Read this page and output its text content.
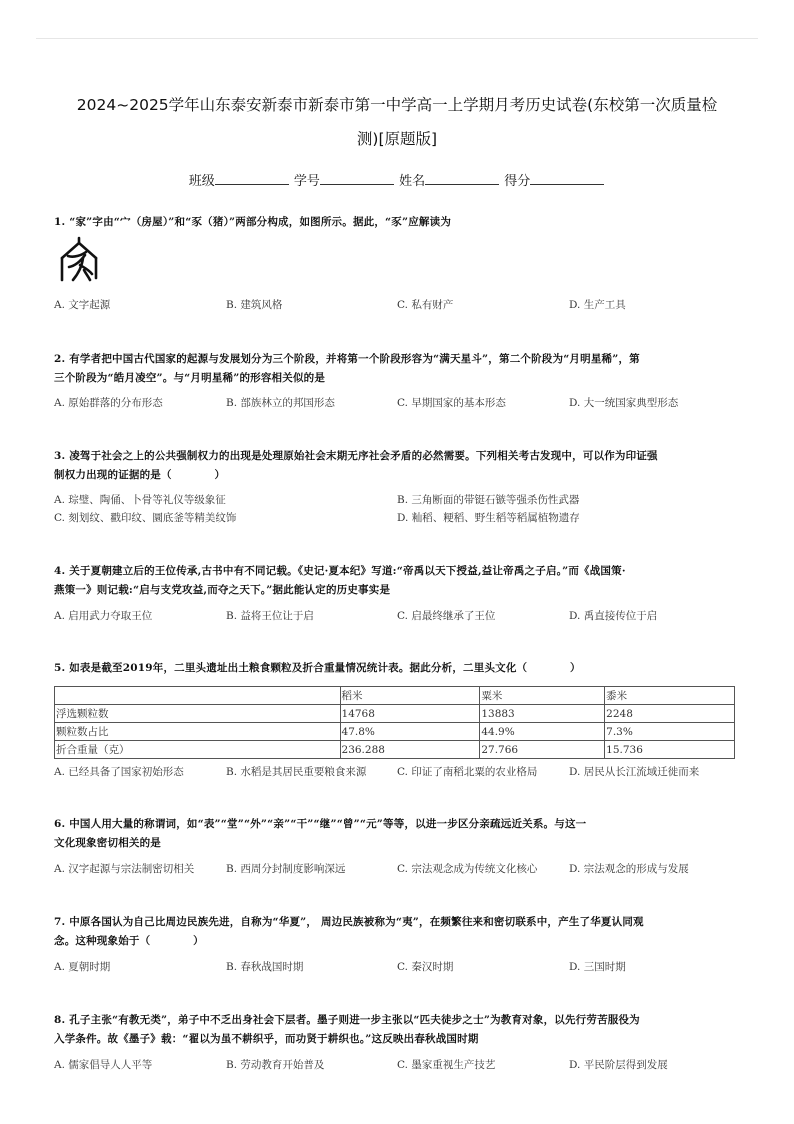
2024~2025学年山东泰安新泰市新泰市第一中学高一上学期月考历史试卷(东校第一次质量检
测)[原题版]
班级	学号	姓名	得分
1. “家”字由“宀（房屋）”和“豕（猪）”两部分构成，如图所示。据此，“豕”应解读为
A. 文字起源	B. 建筑风格	C. 私有财产	D. 生产工具
2. 有学者把中国古代国家的起源与发展划分为三个阶段，并将第一个阶段形容为“满天星斗”，第二个阶段为“月明星稀”，第
三个阶段为“皓月凌空”。与“月明星稀”的形容相关似的是
A. 原始群落的分布形态	B. 部族林立的邦国形态	C. 早期国家的基本形态	D. 大一统国家典型形态
3. 凌驾于社会之上的公共强制权力的出现是处理原始社会末期无序社会矛盾的必然需要。下列相关考古发现中，可以作为印证强
制权力出现的证据的是（　　　　）
A. 琮璧、陶俑、卜骨等礼仪等级象征	B. 三角断面的带铤石镞等强杀伤性武器
C. 刻划纹、戳印纹、圜底釜等精美纹饰	D. 籼稻、粳稻、野生稻等稻属植物遗存
4. 关于夏朝建立后的王位传承,古书中有不同记载。《史记·夏本纪》写道:“帝禹以天下授益,益让帝禹之子启。”而《战国策·
燕策一》则记载:“启与支党攻益,而夺之天下。”据此能认定的历史事实是
A. 启用武力夺取王位	B. 益将王位让于启	C. 启最终继承了王位	D. 禹直接传位于启
5. 如表是截至2019年，二里头遗址出土粮食颗粒及折合重量情况统计表。据此分析，二里头文化（　　　　）
	稻米	粟米	黍米
浮选颗粒数	14768	13883	2248
颗粒数占比	47.8%	44.9%	7.3%
折合重量（克）	236.288	27.766	15.736
A. 已经具备了国家初始形态	B. 水稻是其居民重要粮食来源	C. 印证了南稻北粟的农业格局	D. 居民从长江流域迁徙而来
6. 中国人用大量的称谓词，如“表”“堂”“外”“亲”“干”“继”“曾”“元”等等，以进一步区分亲疏远近关系。与这一
文化现象密切相关的是
A. 汉字起源与宗法制密切相关	B. 西周分封制度影响深远	C. 宗法观念成为传统文化核心	D. 宗法观念的形成与发展
7. 中原各国认为自己比周边民族先进，自称为“华夏”， 周边民族被称为“夷”，在频繁往来和密切联系中，产生了华夏认同观
念。这种现象始于（　　　　）
A. 夏朝时期	B. 春秋战国时期	C. 秦汉时期	D. 三国时期
8. 孔子主张“有教无类”，弟子中不乏出身社会下层者。墨子则进一步主张以“匹夫徒步之士”为教育对象，以先行劳苦服役为
入学条件。故《墨子》载：“翟以为虽不耕织乎，而功贤于耕织也。”这反映出春秋战国时期
A. 儒家倡导人人平等	B. 劳动教育开始普及	C. 墨家重视生产技艺	D. 平民阶层得到发展
